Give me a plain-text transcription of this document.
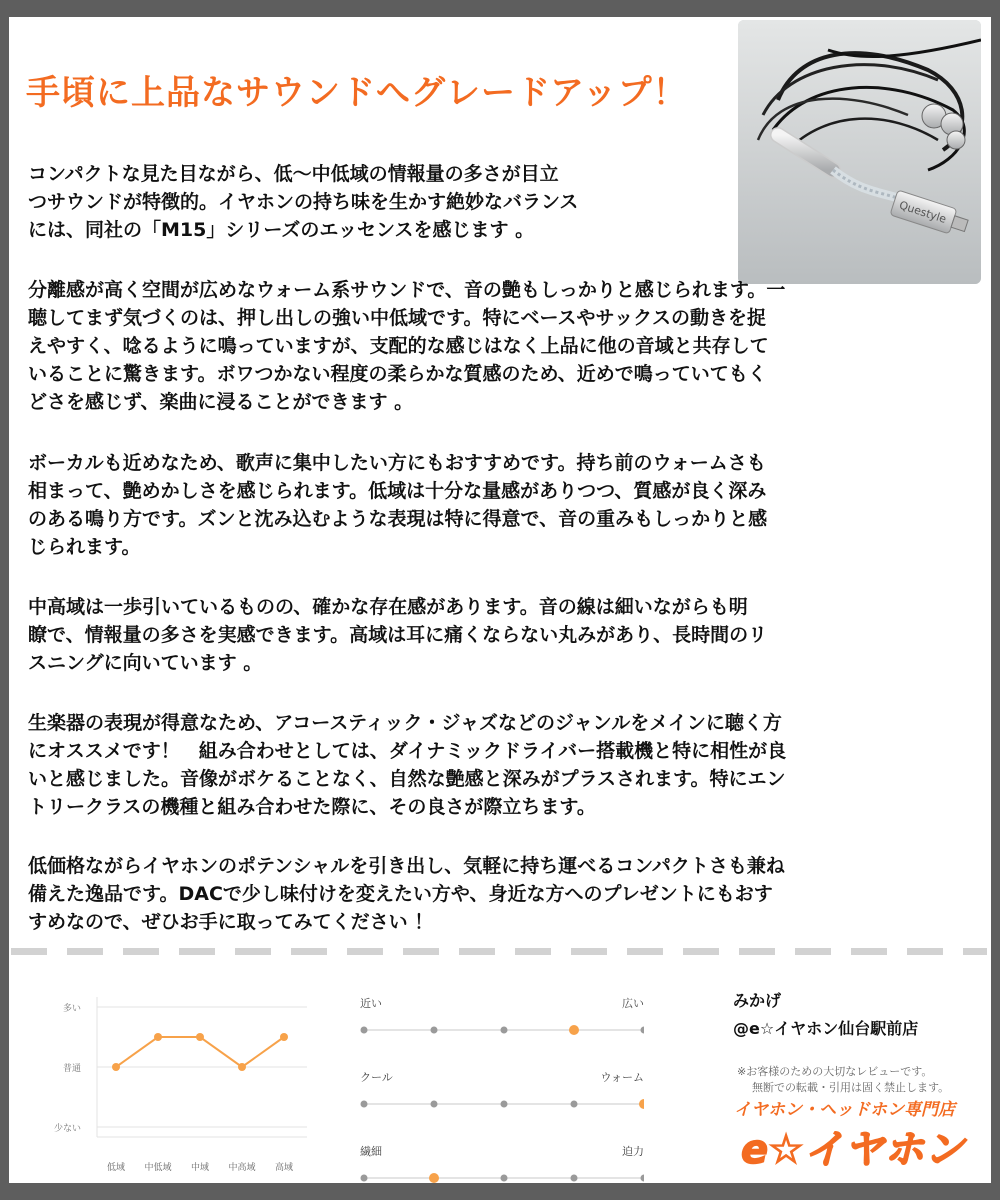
手頃に上品なサウンドへグレードアップ！
Questyle

コンパクトな見た目ながら、低～中低域の情報量の多さが目立
つサウンドが特徴的。イヤホンの持ち味を生かす絶妙なバランス
には、同社の「M15」シリーズのエッセンスを感じます 。

分離感が高く空間が広めなウォーム系サウンドで、音の艶もしっかりと感じられます。一
聴してまず気づくのは、押し出しの強い中低域です。特にベースやサックスの動きを捉
えやすく、唸るように鳴っていますが、支配的な感じはなく上品に他の音域と共存して
いることに驚きます。ボワつかない程度の柔らかな質感のため、近めで鳴っていてもく
どさを感じず、楽曲に浸ることができます 。

ボーカルも近めなため、歌声に集中したい方にもおすすめです。持ち前のウォームさも
相まって、艶めかしさを感じられます。低域は十分な量感がありつつ、質感が良く深み
のある鳴り方です。ズンと沈み込むような表現は特に得意で、音の重みもしっかりと感
じられます。

中高域は一歩引いているものの、確かな存在感があります。音の線は細いながらも明
瞭で、情報量の多さを実感できます。高域は耳に痛くならない丸みがあり、長時間のリ
スニングに向いています 。

生楽器の表現が得意なため、アコースティック・ジャズなどのジャンルをメインに聴く方
にオススメです！　組み合わせとしては、ダイナミックドライバー搭載機と特に相性が良
いと感じました。音像がボケることなく、自然な艶感と深みがプラスされます。特にエン
トリークラスの機種と組み合わせた際に、その良さが際立ちます。

低価格ながらイヤホンのポテンシャルを引き出し、気軽に持ち運べるコンパクトさも兼ね
備えた逸品です。DACで少し味付けを変えたい方や、身近な方へのプレゼントにもおす
すめなので、ぜひお手に取ってみてください ！

少ない
普通
多い
低域 中低域 中域 中高域 高域
近い	広い
クール	ウォーム
繊細	迫力
みかげ
@e☆イヤホン仙台駅前店
※お客様のための大切なレビューです。
無断での転載・引用は固く禁止します。
イヤホン・ヘッドホン専門店
e☆イヤホン
